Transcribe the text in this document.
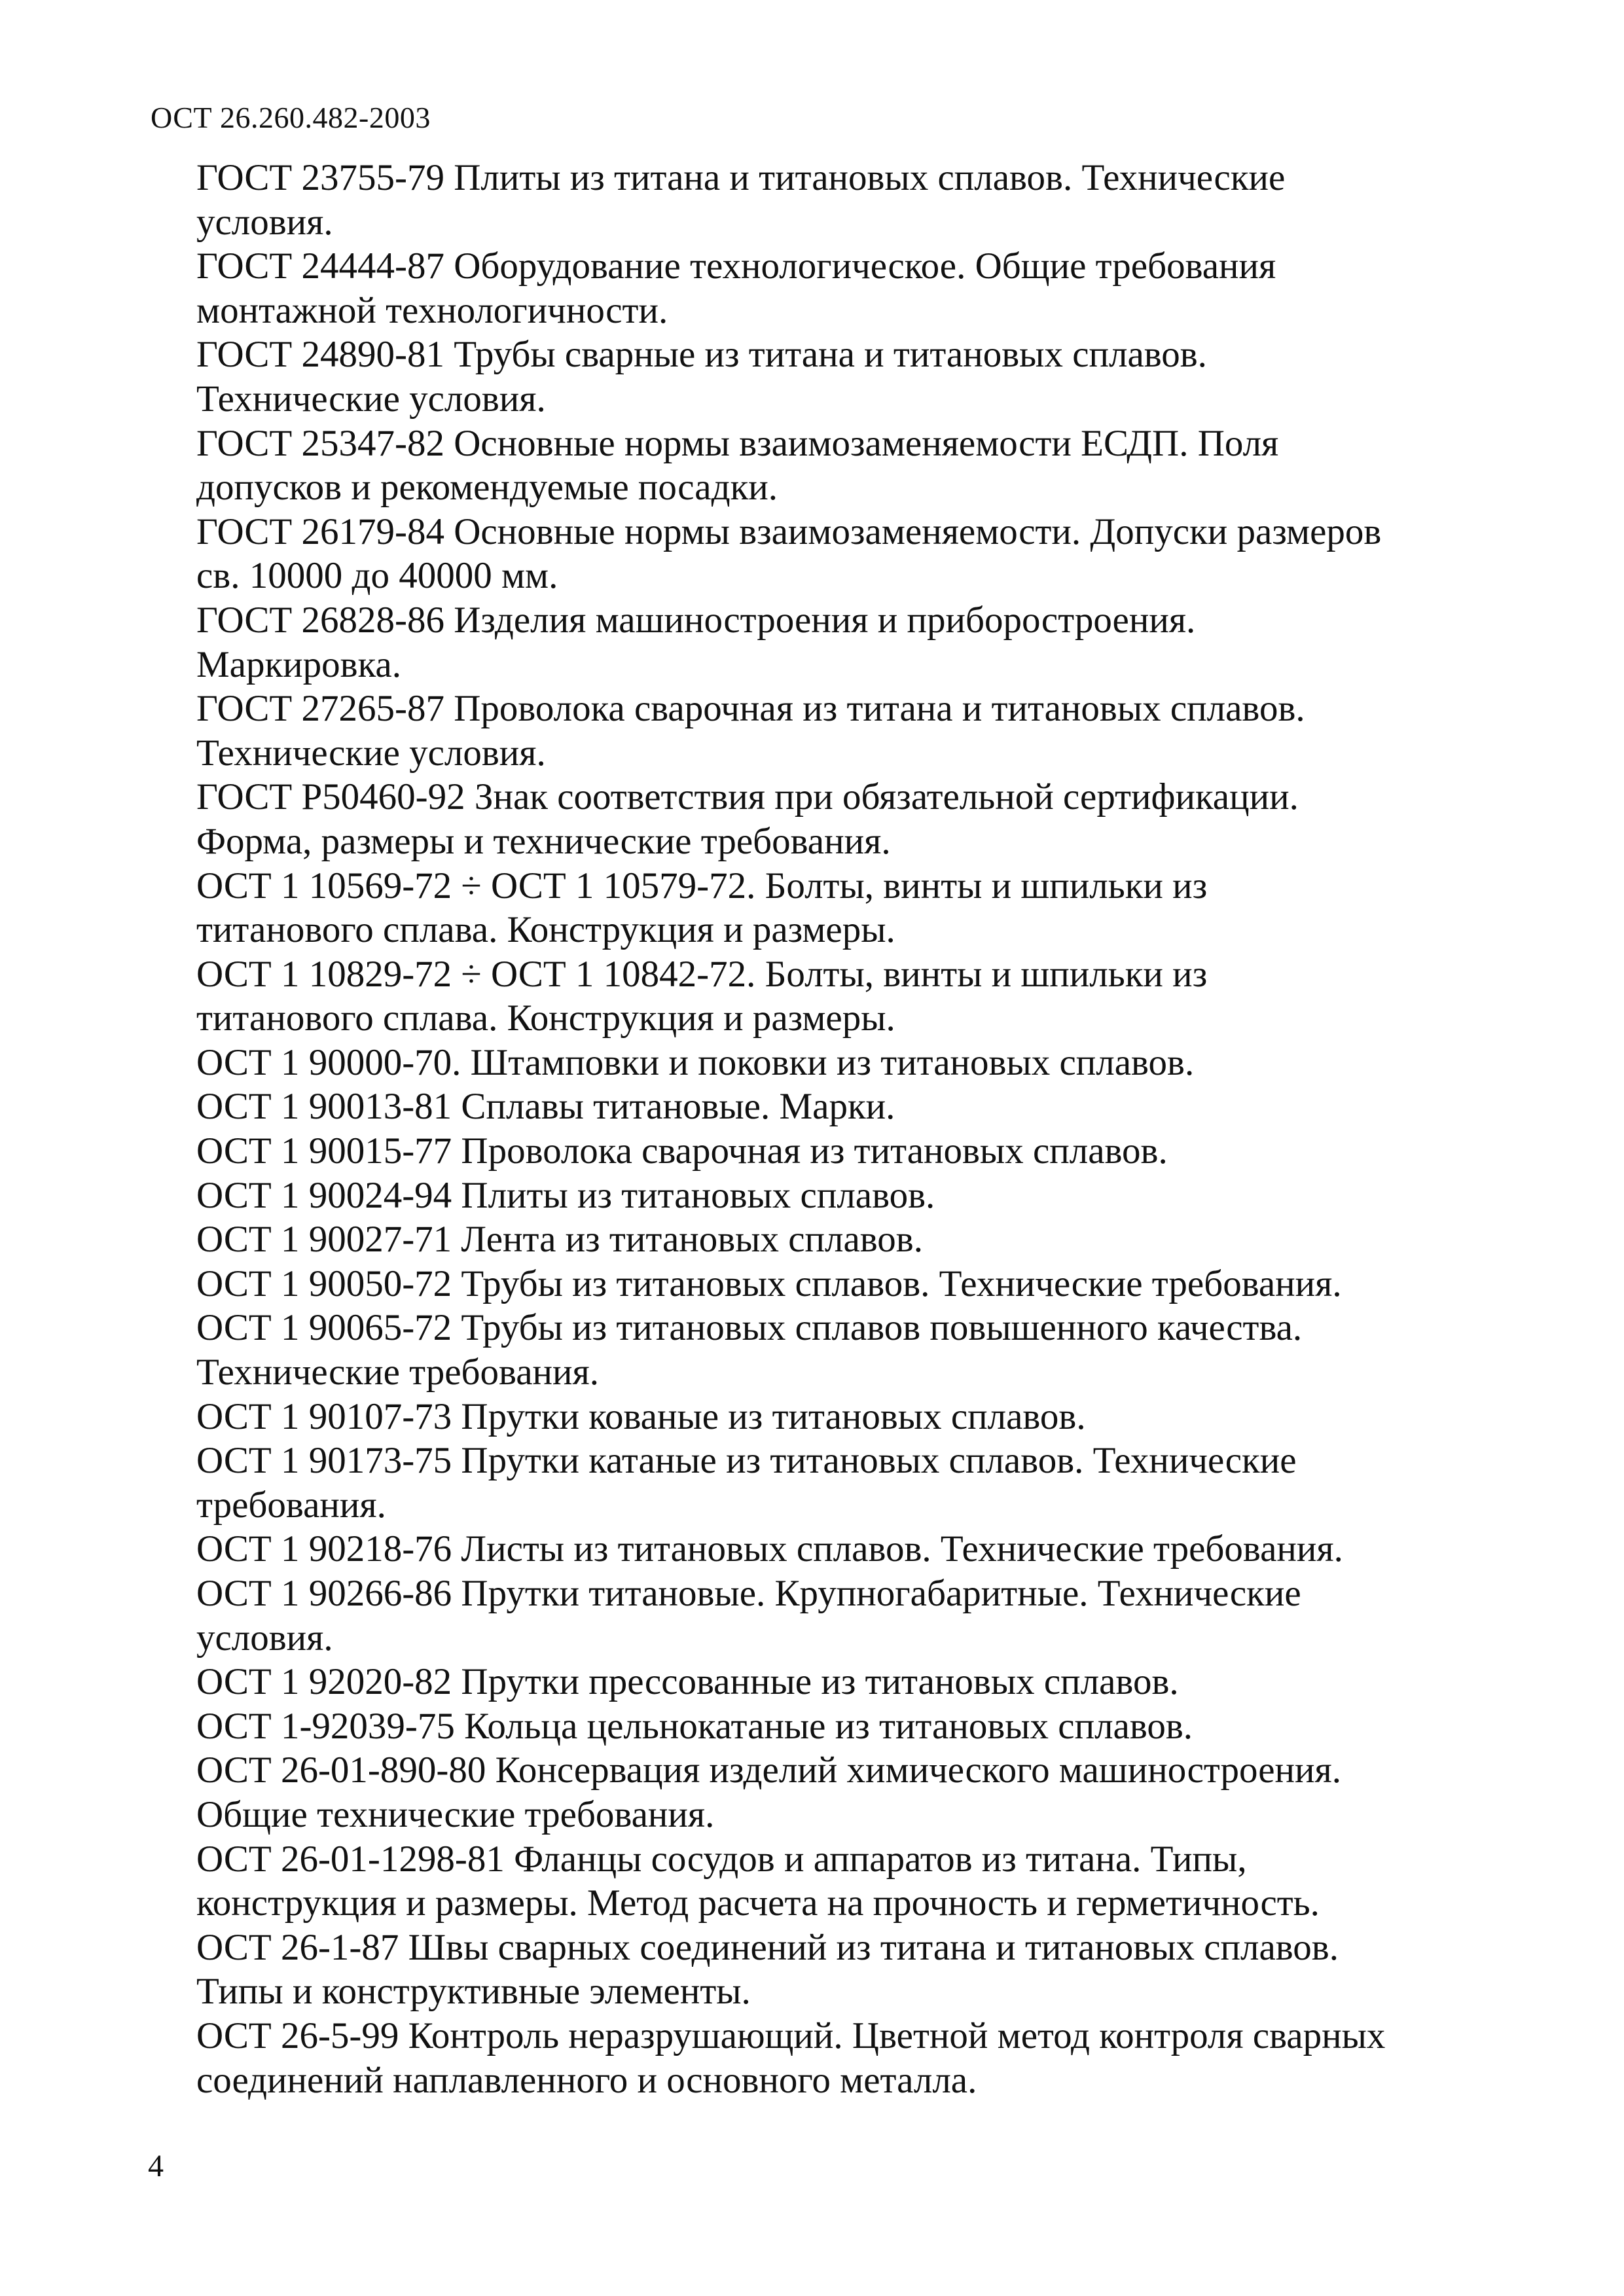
ОСТ 26.260.482-2003

ГОСТ 23755-79 Плиты из титана и титановых сплавов. Технические
условия.

ГОСТ 24444-87 Оборудование технологическое. Общие требования
монтажной технологичности.

ГОСТ 24890-81 Трубы сварные из титана и титановых сплавов.
Технические условия.

ГОСТ 25347-82 Основные нормы взаимозаменяемости ЕСДП. Поля
допусков и рекомендуемые посадки.

ГОСТ 26179-84 Основные нормы взаимозаменяемости. Допуски размеров
св. 10000 до 40000 мм.

ГОСТ 26828-86 Изделия машиностроения и приборостроения.
Маркировка.

ГОСТ 27265-87 Проволока сварочная из титана и титановых сплавов.
Технические условия.

ГОСТ Р50460-92 Знак соответствия при обязательной сертификации.
Форма, размеры и технические требования.

ОСТ 1 10569-72 ÷ ОСТ 1 10579-72. Болты, винты и шпильки из
титанового сплава. Конструкция и размеры.

ОСТ 1 10829-72 ÷ ОСТ 1 10842-72. Болты, винты и шпильки из
титанового сплава. Конструкция и размеры.

ОСТ 1 90000-70. Штамповки и поковки из титановых сплавов.

ОСТ 1 90013-81 Сплавы титановые. Марки.

ОСТ 1 90015-77 Проволока сварочная из титановых сплавов.

ОСТ 1 90024-94 Плиты из титановых сплавов.

ОСТ 1 90027-71 Лента из титановых сплавов.

ОСТ 1 90050-72 Трубы из титановых сплавов. Технические требования.

ОСТ 1 90065-72 Трубы из титановых сплавов повышенного качества.
Технические требования.

ОСТ 1 90107-73 Прутки кованые из титановых сплавов.

ОСТ 1 90173-75 Прутки катаные из титановых сплавов. Технические
требования.

ОСТ 1 90218-76 Листы из титановых сплавов. Технические требования.

ОСТ 1 90266-86 Прутки титановые. Крупногабаритные. Технические
условия.

ОСТ 1 92020-82 Прутки прессованные из титановых сплавов.

ОСТ 1-92039-75 Кольца цельнокатаные из титановых сплавов.

ОСТ 26-01-890-80 Консервация изделий химического машиностроения.
Общие технические требования.

ОСТ 26-01-1298-81 Фланцы сосудов и аппаратов из титана. Типы,
конструкция и размеры. Метод расчета на прочность и герметичность.

ОСТ 26-1-87 Швы сварных соединений из титана и титановых сплавов.
Типы и конструктивные элементы.

ОСТ 26-5-99 Контроль неразрушающий. Цветной метод контроля сварных
соединений наплавленного и основного металла.

4
